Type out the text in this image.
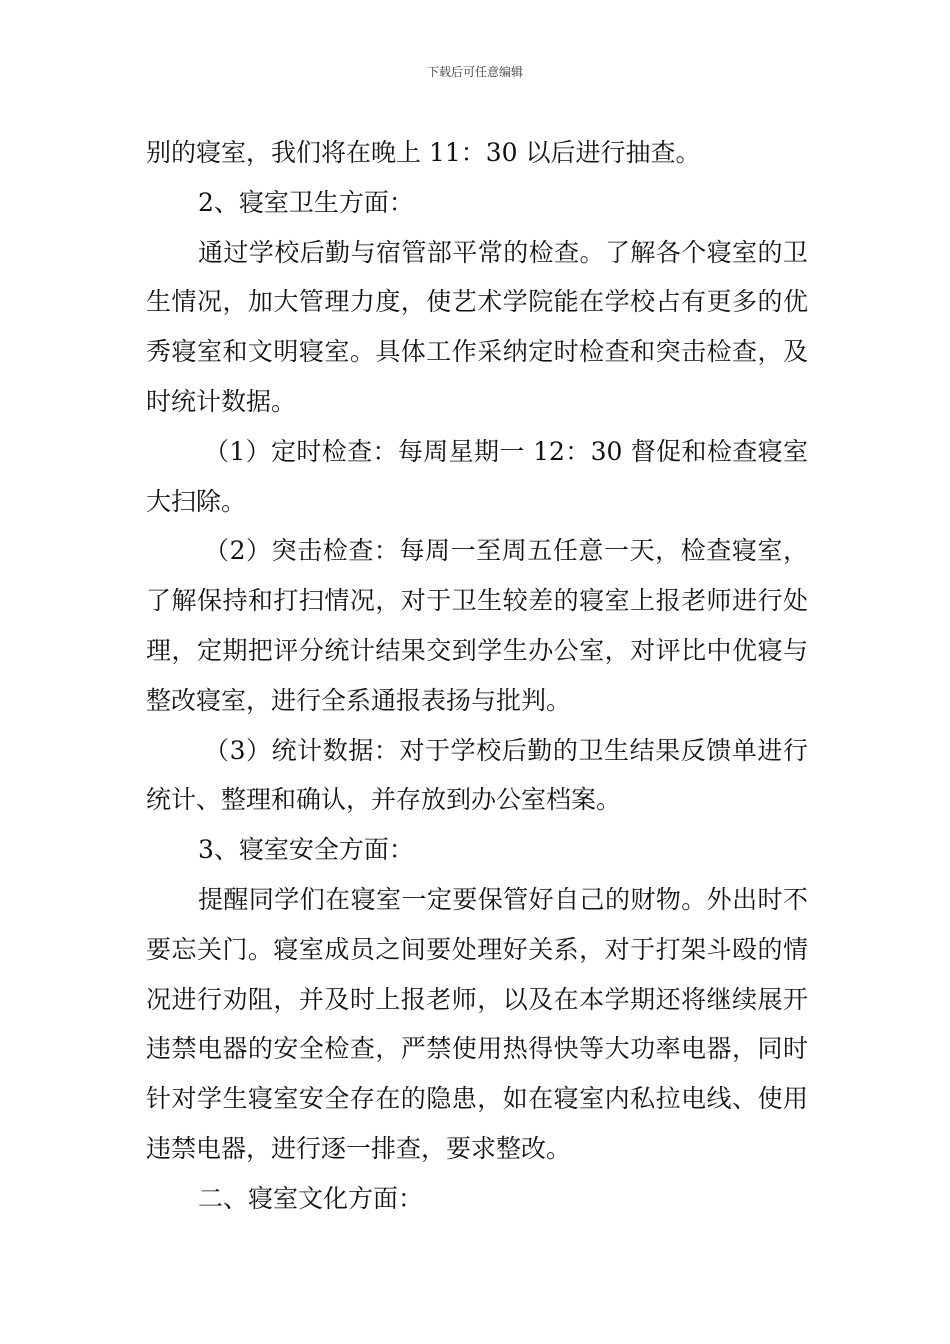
下载后可任意编辑

别的寝室，我们将在晚上 11：30 以后进行抽查。

2、寝室卫生方面：

通过学校后勤与宿管部平常的检查。了解各个寝室的卫生情况，加大管理力度，使艺术学院能在学校占有更多的优秀寝室和文明寝室。具体工作采纳定时检查和突击检查，及时统计数据。

（1）定时检查：每周星期一 12：30 督促和检查寝室大扫除。

（2）突击检查：每周一至周五任意一天，检查寝室，了解保持和打扫情况，对于卫生较差的寝室上报老师进行处理，定期把评分统计结果交到学生办公室，对评比中优寝与整改寝室，进行全系通报表扬与批判。

（3）统计数据：对于学校后勤的卫生结果反馈单进行统计、整理和确认，并存放到办公室档案。

3、寝室安全方面：

提醒同学们在寝室一定要保管好自己的财物。外出时不要忘关门。寝室成员之间要处理好关系，对于打架斗殴的情况进行劝阻，并及时上报老师，以及在本学期还将继续展开违禁电器的安全检查，严禁使用热得快等大功率电器，同时针对学生寝室安全存在的隐患，如在寝室内私拉电线、使用违禁电器，进行逐一排查，要求整改。

二、寝室文化方面：
